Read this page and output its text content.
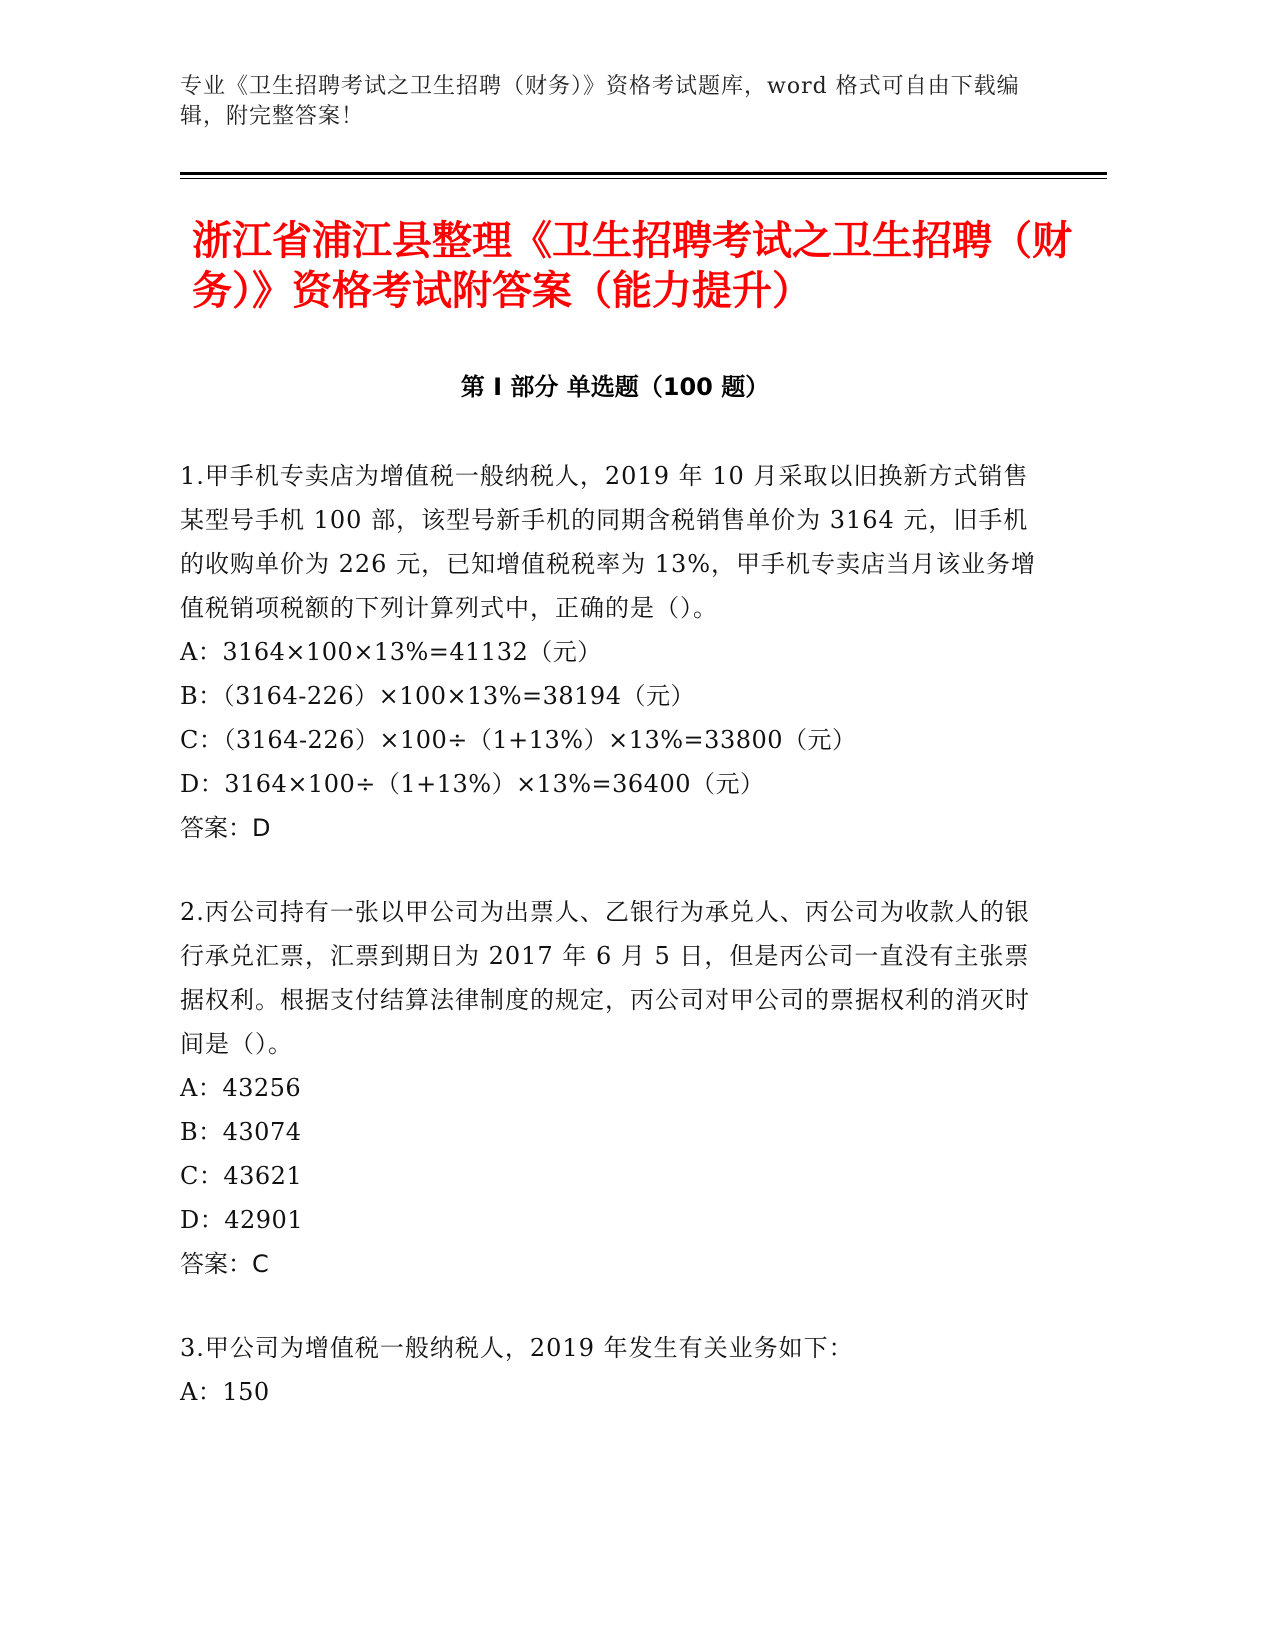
专业《卫生招聘考试之卫生招聘（财务）》资格考试题库，word 格式可自由下载编辑，附完整答案！
浙江省浦江县整理《卫生招聘考试之卫生招聘（财务）》资格考试附答案（能力提升）
第 I 部分 单选题（100 题）

1.甲手机专卖店为增值税一般纳税人，2019 年 10 月采取以旧换新方式销售某型号手机 100 部，该型号新手机的同期含税销售单价为 3164 元，旧手机的收购单价为 226 元，已知增值税税率为 13%，甲手机专卖店当月该业务增值税销项税额的下列计算列式中，正确的是（）。

A：3164×100×13%=41132（元）

B：（3164-226）×100×13%=38194（元）

C：（3164-226）×100÷（1+13%）×13%=33800（元）

D：3164×100÷（1+13%）×13%=36400（元）

答案：D

2.丙公司持有一张以甲公司为出票人、乙银行为承兑人、丙公司为收款人的银行承兑汇票，汇票到期日为 2017 年 6 月 5 日，但是丙公司一直没有主张票据权利。根据支付结算法律制度的规定，丙公司对甲公司的票据权利的消灭时间是（）。

A：43256

B：43074

C：43621

D：42901

答案：C

3.甲公司为增值税一般纳税人，2019 年发生有关业务如下：

A：150
